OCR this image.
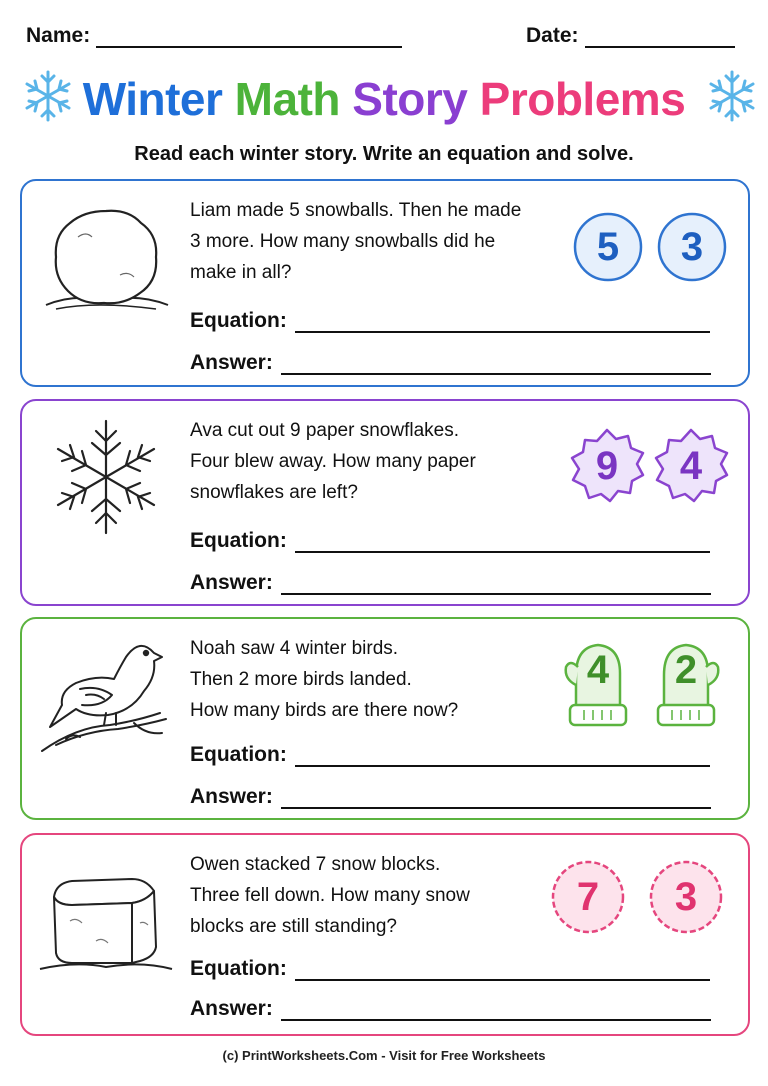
Name:	Date:
Winter Math Story Problems
Read each winter story. Write an equation and solve.
Liam made 5 snowballs. Then he made
3 more. How many snowballs did he
make in all?
5	3
Equation:
Answer:
Ava cut out 9 paper snowflakes.
Four blew away. How many paper
snowflakes are left?
9	4
Equation:
Answer:
Noah saw 4 winter birds.
Then 2 more birds landed.
How many birds are there now?
4	2
Equation:
Answer:
Owen stacked 7 snow blocks.
Three fell down. How many snow
blocks are still standing?
7	3
Equation:
Answer:
(c) PrintWorksheets.Com - Visit for Free Worksheets
